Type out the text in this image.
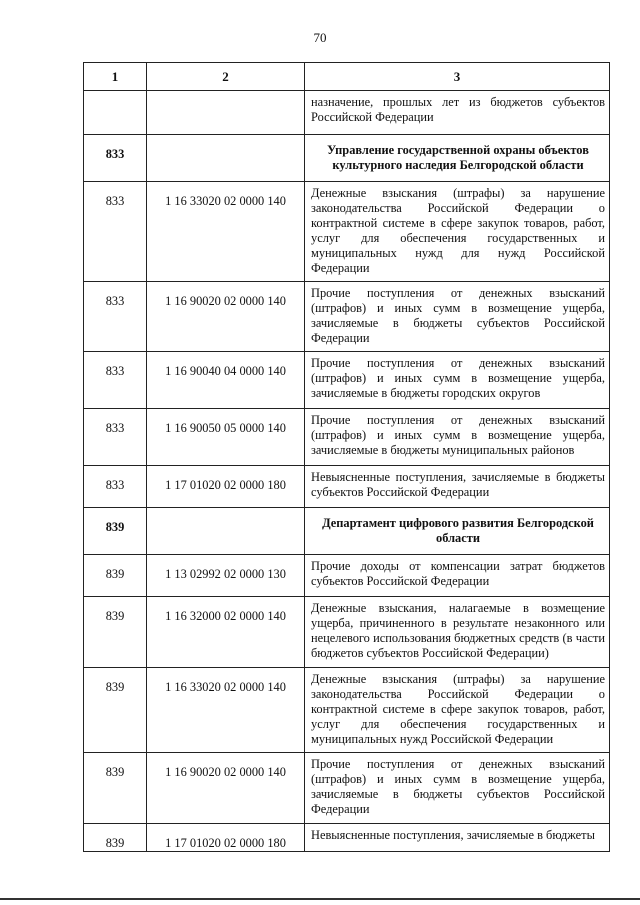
70
1	2	3
		назначение, прошлых лет из бюджетов субъектов Российской Федерации
833		Управление государственной охраны объектов культурного наследия Белгородской области
833	1 16 33020 02 0000 140	Денежные взыскания (штрафы) за нарушение законодательства Российской Федерации о контрактной системе в сфере закупок товаров, работ, услуг для обеспечения государственных и муниципальных нужд для нужд Российской Федерации
833	1 16 90020 02 0000 140	Прочие поступления от денежных взысканий (штрафов) и иных сумм в возмещение ущерба, зачисляемые в бюджеты субъектов Российской Федерации
833	1 16 90040 04 0000 140	Прочие поступления от денежных взысканий (штрафов) и иных сумм в возмещение ущерба, зачисляемые в бюджеты городских округов
833	1 16 90050 05 0000 140	Прочие поступления от денежных взысканий (штрафов) и иных сумм в возмещение ущерба, зачисляемые в бюджеты муниципальных районов
833	1 17 01020 02 0000 180	Невыясненные поступления, зачисляемые в бюджеты субъектов Российской Федерации
839		Департамент цифрового развития Белгородской области
839	1 13 02992 02 0000 130	Прочие доходы от компенсации затрат бюджетов субъектов Российской Федерации
839	1 16 32000 02 0000 140	Денежные взыскания, налагаемые в возмещение ущерба, причиненного в результате незаконного или нецелевого использования бюджетных средств (в части бюджетов субъектов Российской Федерации)
839	1 16 33020 02 0000 140	Денежные взыскания (штрафы) за нарушение законодательства Российской Федерации о контрактной системе в сфере закупок товаров, работ, услуг для обеспечения государственных и муниципальных нужд Российской Федерации
839	1 16 90020 02 0000 140	Прочие поступления от денежных взысканий (штрафов) и иных сумм в возмещение ущерба, зачисляемые в бюджеты субъектов Российской Федерации
839	1 17 01020 02 0000 180	Невыясненные поступления, зачисляемые в бюджеты
